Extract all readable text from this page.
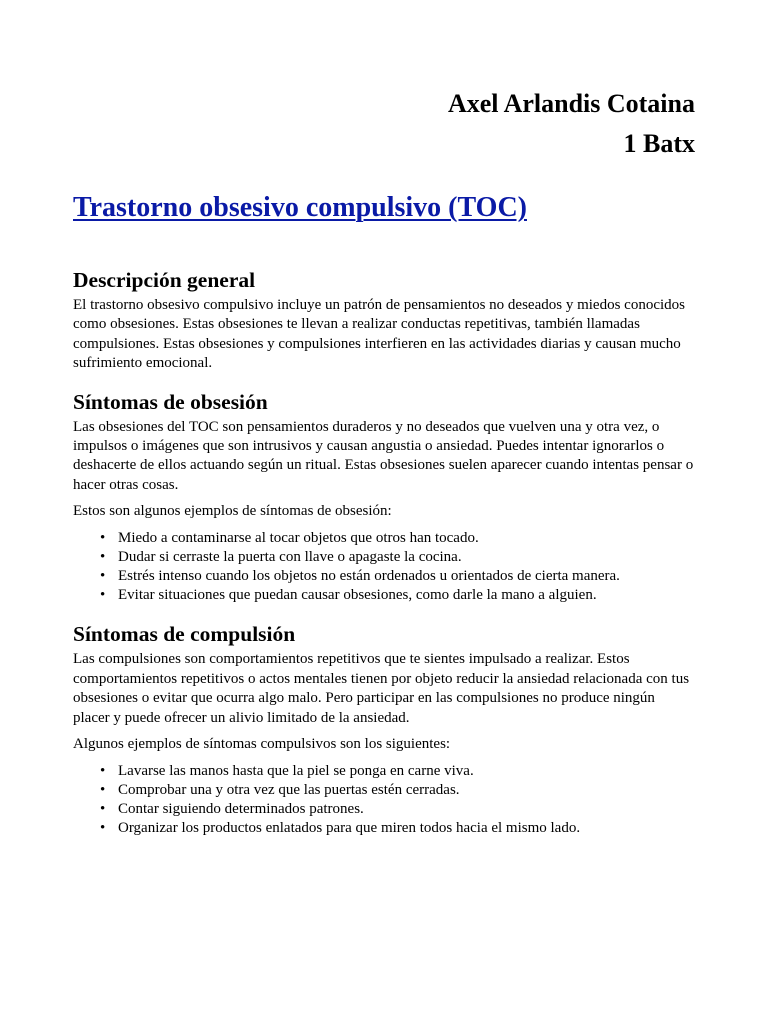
Axel Arlandis Cotaina

1 Batx

Trastorno obsesivo compulsivo (TOC)
Descripción general

El trastorno obsesivo compulsivo incluye un patrón de pensamientos no deseados y miedos conocidos como obsesiones. Estas obsesiones te llevan a realizar conductas repetitivas, también llamadas compulsiones. Estas obsesiones y compulsiones interfieren en las actividades diarias y causan mucho sufrimiento emocional.

Síntomas de obsesión

Las obsesiones del TOC son pensamientos duraderos y no deseados que vuelven una y otra vez, o impulsos o imágenes que son intrusivos y causan angustia o ansiedad. Puedes intentar ignorarlos o deshacerte de ellos actuando según un ritual. Estas obsesiones suelen aparecer cuando intentas pensar o hacer otras cosas.

Estos son algunos ejemplos de síntomas de obsesión:

• Miedo a contaminarse al tocar objetos que otros han tocado.
• Dudar si cerraste la puerta con llave o apagaste la cocina.
• Estrés intenso cuando los objetos no están ordenados u orientados de cierta manera.
• Evitar situaciones que puedan causar obsesiones, como darle la mano a alguien.
Síntomas de compulsión

Las compulsiones son comportamientos repetitivos que te sientes impulsado a realizar. Estos comportamientos repetitivos o actos mentales tienen por objeto reducir la ansiedad relacionada con tus obsesiones o evitar que ocurra algo malo. Pero participar en las compulsiones no produce ningún placer y puede ofrecer un alivio limitado de la ansiedad.

Algunos ejemplos de síntomas compulsivos son los siguientes:

• Lavarse las manos hasta que la piel se ponga en carne viva.
• Comprobar una y otra vez que las puertas estén cerradas.
• Contar siguiendo determinados patrones.
• Organizar los productos enlatados para que miren todos hacia el mismo lado.
